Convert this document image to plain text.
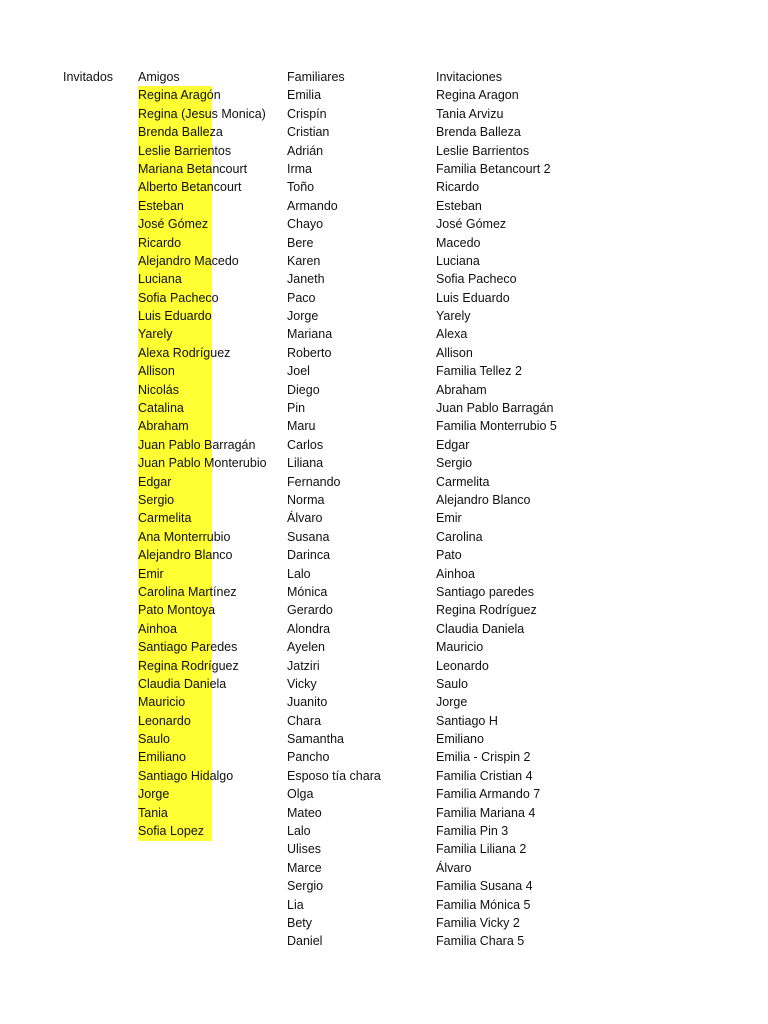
Invitados	Amigos
Regina Aragón
Regina (Jesus Monica)
Brenda Balleza
Leslie Barrientos
Mariana Betancourt
Alberto Betancourt
Esteban
José Gómez
Ricardo
Alejandro Macedo
Luciana
Sofia Pacheco
Luis Eduardo
Yarely
Alexa Rodríguez
Allison
Nicolás
Catalina
Abraham
Juan Pablo Barragán
Juan Pablo Monterubio
Edgar
Sergio
Carmelita
Ana Monterrubio
Alejandro Blanco
Emir
Carolina Martínez
Pato Montoya
Ainhoa
Santiago Paredes
Regina Rodríguez
Claudia Daniela
Mauricio
Leonardo
Saulo
Emiliano
Santiago Hidalgo
Jorge
Tania
Sofia Lopez
Familiares
Emilia
Crispín
Cristian
Adrián
Irma
Toño
Armando
Chayo
Bere
Karen
Janeth
Paco
Jorge
Mariana
Roberto
Joel
Diego
Pin
Maru
Carlos
Liliana
Fernando
Norma
Álvaro
Susana
Darinca
Lalo
Mónica
Gerardo
Alondra
Ayelen
Jatziri
Vicky
Juanito
Chara
Samantha
Pancho
Esposo tía chara
Olga
Mateo
Lalo
Ulises
Marce
Sergio
Lia
Bety
Daniel
Invitaciones
Regina Aragon
Tania Arvizu
Brenda Balleza
Leslie Barrientos
Familia Betancourt 2
Ricardo
Esteban
José Gómez
Macedo
Luciana
Sofia Pacheco
Luis Eduardo
Yarely
Alexa
Allison
Familia Tellez 2
Abraham
Juan Pablo Barragán
Familia Monterrubio 5
Edgar
Sergio
Carmelita
Alejandro Blanco
Emir
Carolina
Pato
Ainhoa
Santiago paredes
Regina Rodríguez
Claudia Daniela
Mauricio
Leonardo
Saulo
Jorge
Santiago H
Emiliano
Emilia - Crispin 2
Familia Cristian 4
Familia Armando 7
Familia Mariana 4
Familia Pin 3
Familia Liliana 2
Álvaro
Familia Susana 4
Familia Mónica 5
Familia Vicky 2
Familia Chara 5
